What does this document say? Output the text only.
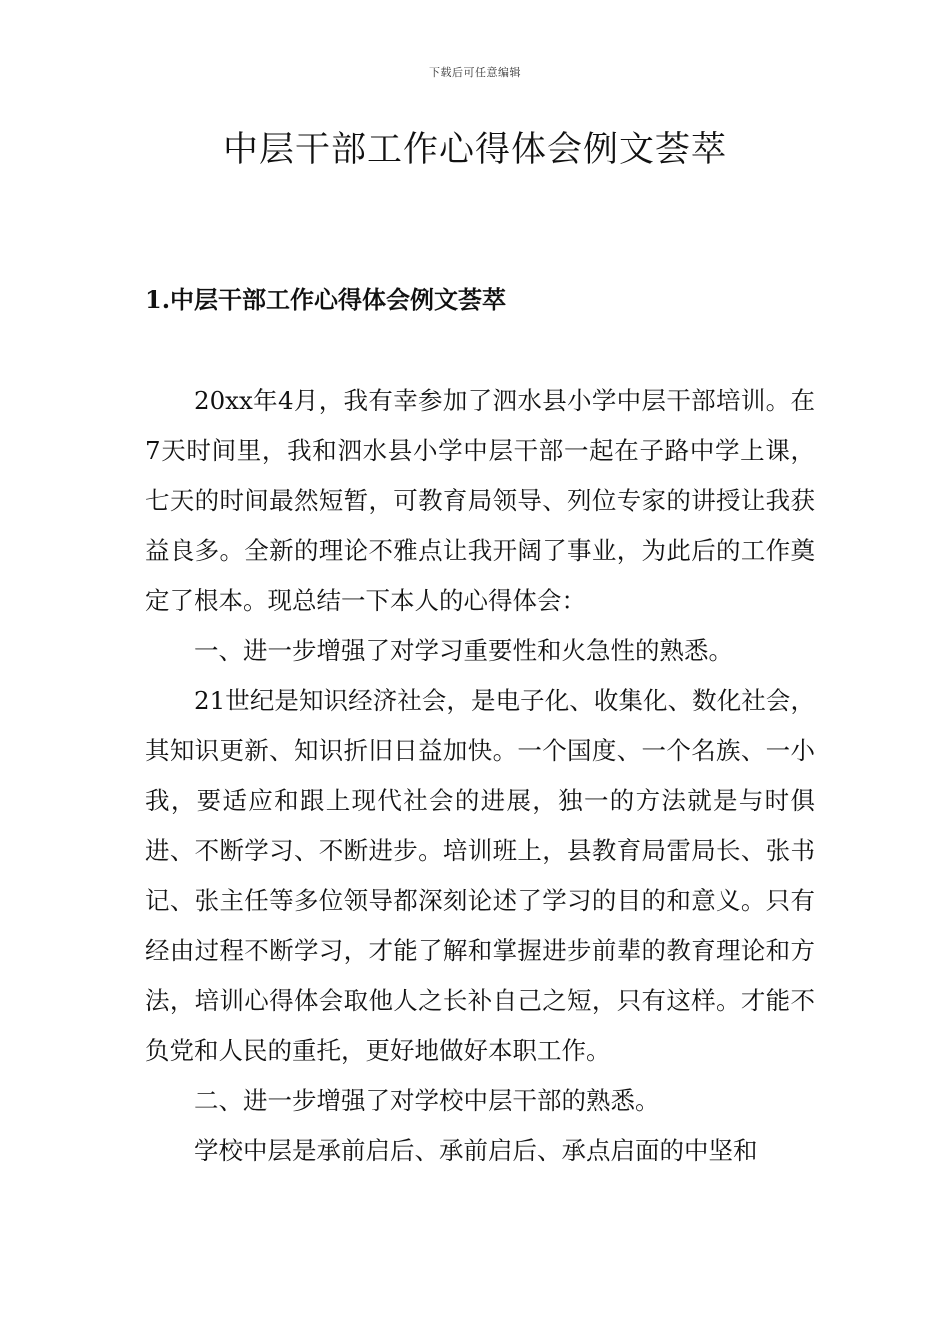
下载后可任意编辑
中层干部工作心得体会例文荟萃
1.中层干部工作心得体会例文荟萃

20xx年4月，我有幸参加了泗水县小学中层干部培训。在7天时间里，我和泗水县小学中层干部一起在子路中学上课，七天的时间最然短暂，可教育局领导、列位专家的讲授让我获益良多。全新的理论不雅点让我开阔了事业，为此后的工作奠定了根本。现总结一下本人的心得体会：

一、进一步增强了对学习重要性和火急性的熟悉。

21世纪是知识经济社会，是电子化、收集化、数化社会，其知识更新、知识折旧日益加快。一个国度、一个名族、一小我，要适应和跟上现代社会的进展，独一的方法就是与时俱进、不断学习、不断进步。培训班上，县教育局雷局长、张书记、张主任等多位领导都深刻论述了学习的目的和意义。只有经由过程不断学习，才能了解和掌握进步前辈的教育理论和方法，培训心得体会取他人之长补自己之短，只有这样。才能不负党和人民的重托，更好地做好本职工作。

二、进一步增强了对学校中层干部的熟悉。

学校中层是承前启后、承前启后、承点启面的中坚和
